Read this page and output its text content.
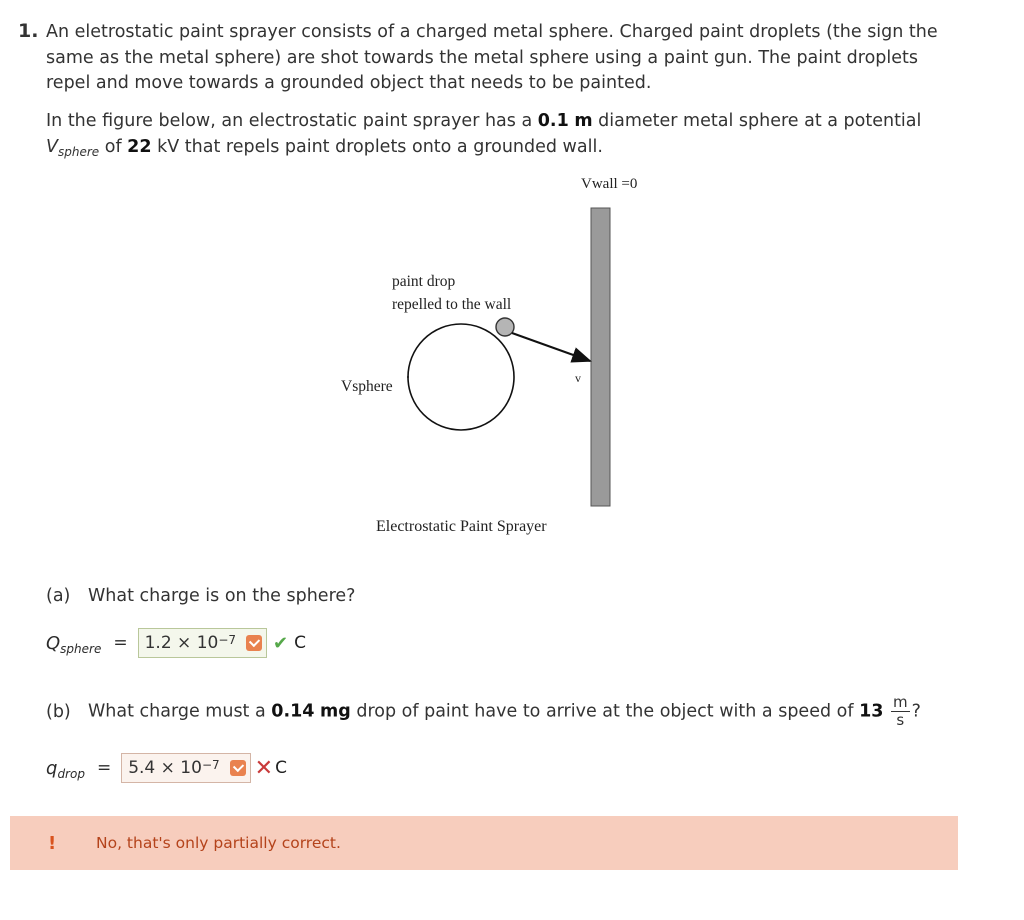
1. An eletrostatic paint sprayer consists of a charged metal sphere. Charged paint droplets (the sign the same as the metal sphere) are shot towards the metal sphere using a paint gun. The paint droplets repel and move towards a grounded object that needs to be painted.
In the figure below, an electrostatic paint sprayer has a 0.1 m diameter metal sphere at a potential
$V_{sphere}$ of 22 kV that repels paint droplets onto a grounded wall.
Vwall =0
paint drop
repelled to the wall
Vsphere	v
Electrostatic Paint Sprayer
(a) What charge is on the sphere?
$Q_{sphere} = 1.2 \times 10^{-7}$ ✔ C
(b) What charge must a 0.14 mg drop of paint have to arrive at the object with a speed of $13 \frac{m}{s}$ ?
$q_{drop} = 5.4 \times 10^{-7}$ ✕ C
!	No, that's only partially correct.
